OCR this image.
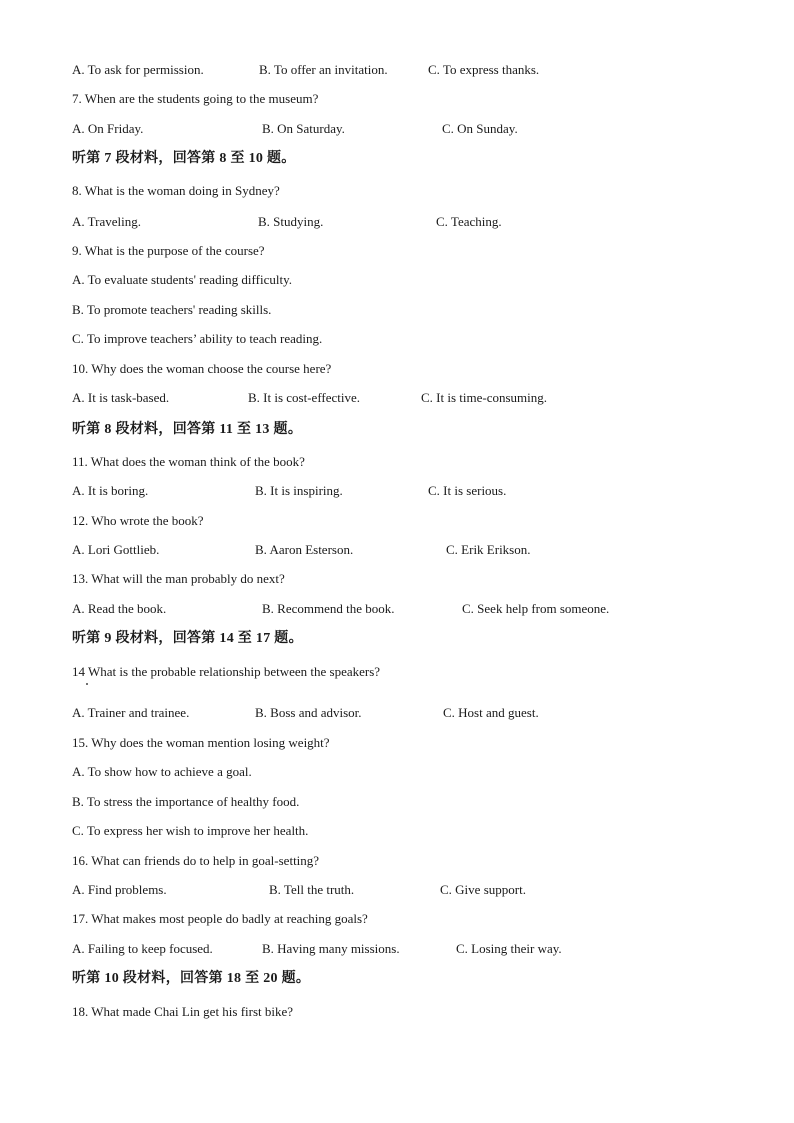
A. To ask for permission.	B. To offer an invitation.	C. To express thanks.
7. When are the students going to the museum?
A. On Friday.	B. On Saturday.	C. On Sunday.
听第 7 段材料，回答第 8 至 10 题。
8. What is the woman doing in Sydney?
A. Traveling.	B. Studying.	C. Teaching.
9. What is the purpose of the course?
A. To evaluate students' reading difficulty.
B. To promote teachers' reading skills.
C. To improve teachers’ ability to teach reading.
10. Why does the woman choose the course here?
A. It is task-based.	B. It is cost-effective.	C. It is time-consuming.
听第 8 段材料，回答第 11 至 13 题。
11. What does the woman think of the book?
A. It is boring.	B. It is inspiring.	C. It is serious.
12. Who wrote the book?
A. Lori Gottlieb.	B. Aaron Esterson.	C. Erik Erikson.
13. What will the man probably do next?
A. Read the book.	B. Recommend the book.	C. Seek help from someone.
听第 9 段材料，回答第 14 至 17 题。
14 What is the probable relationship between the speakers?
A. Trainer and trainee.	B. Boss and advisor.	C. Host and guest.
15. Why does the woman mention losing weight?
A. To show how to achieve a goal.
B. To stress the importance of healthy food.
C. To express her wish to improve her health.
16. What can friends do to help in goal-setting?
A. Find problems.	B. Tell the truth.	C. Give support.
17. What makes most people do badly at reaching goals?
A. Failing to keep focused.	B. Having many missions.	C. Losing their way.
听第 10 段材料，回答第 18 至 20 题。
18. What made Chai Lin get his first bike?
